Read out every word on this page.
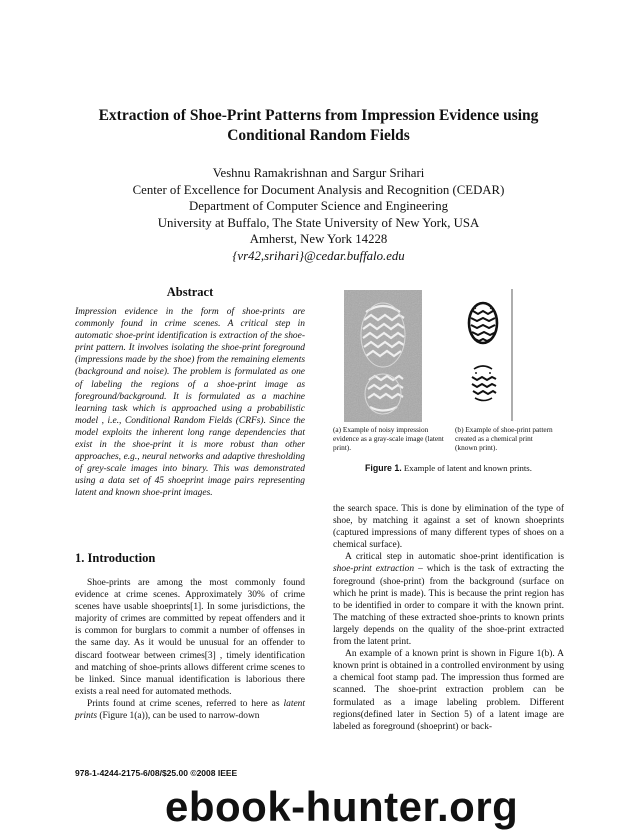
Extraction of Shoe-Print Patterns from Impression Evidence using
Conditional Random Fields
Veshnu Ramakrishnan and Sargur Srihari
Center of Excellence for Document Analysis and Recognition (CEDAR)
Department of Computer Science and Engineering
University at Buffalo, The State University of New York, USA
Amherst, New York 14228
{vr42,srihari}@cedar.buffalo.edu
Abstract
Impression evidence in the form of shoe-prints are commonly found in crime scenes. A critical step in automatic shoe-print identification is extraction of the shoe-print pattern. It involves isolating the shoe-print foreground (impressions made by the shoe) from the remaining elements (background and noise). The problem is formulated as one of labeling the regions of a shoe-print image as foreground/background. It is formulated as a machine learning task which is approached using a probabilistic model , i.e., Conditional Random Fields (CRFs). Since the model exploits the inherent long range dependencies that exist in the shoe-print it is more robust than other approaches, e.g., neural networks and adaptive thresholding of grey-scale images into binary. This was demonstrated using a data set of 45 shoeprint image pairs representing latent and known shoe-print images.
1. Introduction

Shoe-prints are among the most commonly found evidence at crime scenes. Approximately 30% of crime scenes have usable shoeprints[1]. In some jurisdictions, the majority of crimes are committed by repeat offenders and it is common for burglars to commit a number of offenses in the same day. As it would be unusual for an offender to discard footwear between crimes[3] , timely identification and matching of shoe-prints allows different crime scenes to be linked. Since manual identification is laborious there exists a real need for automated methods.

Prints found at crime scenes, referred to here as latent prints (Figure 1(a)), can be used to narrow-down

(a) Example of noisy impression evidence as a gray-scale image (latent print).
(b) Example of shoe-print pattern created as a chemical print (known print).
Figure 1. Example of latent and known prints.

the search space. This is done by elimination of the type of shoe, by matching it against a set of known shoeprints (captured impressions of many different types of shoes on a chemical surface).

A critical step in automatic shoe-print identification is shoe-print extraction – which is the task of extracting the foreground (shoe-print) from the background (surface on which he print is made). This is because the print region has to be identified in order to compare it with the known print. The matching of these extracted shoe-prints to known prints largely depends on the quality of the shoe-print extracted from the latent print.

An example of a known print is shown in Figure 1(b). A known print is obtained in a controlled environment by using a chemical foot stamp pad. The impression thus formed are scanned. The shoe-print extraction problem can be formulated as a image labeling problem. Different regions(defined later in Section 5) of a latent image are labeled as foreground (shoeprint) or back-

978-1-4244-2175-6/08/$25.00 ©2008 IEEE
ebook-hunter.org
